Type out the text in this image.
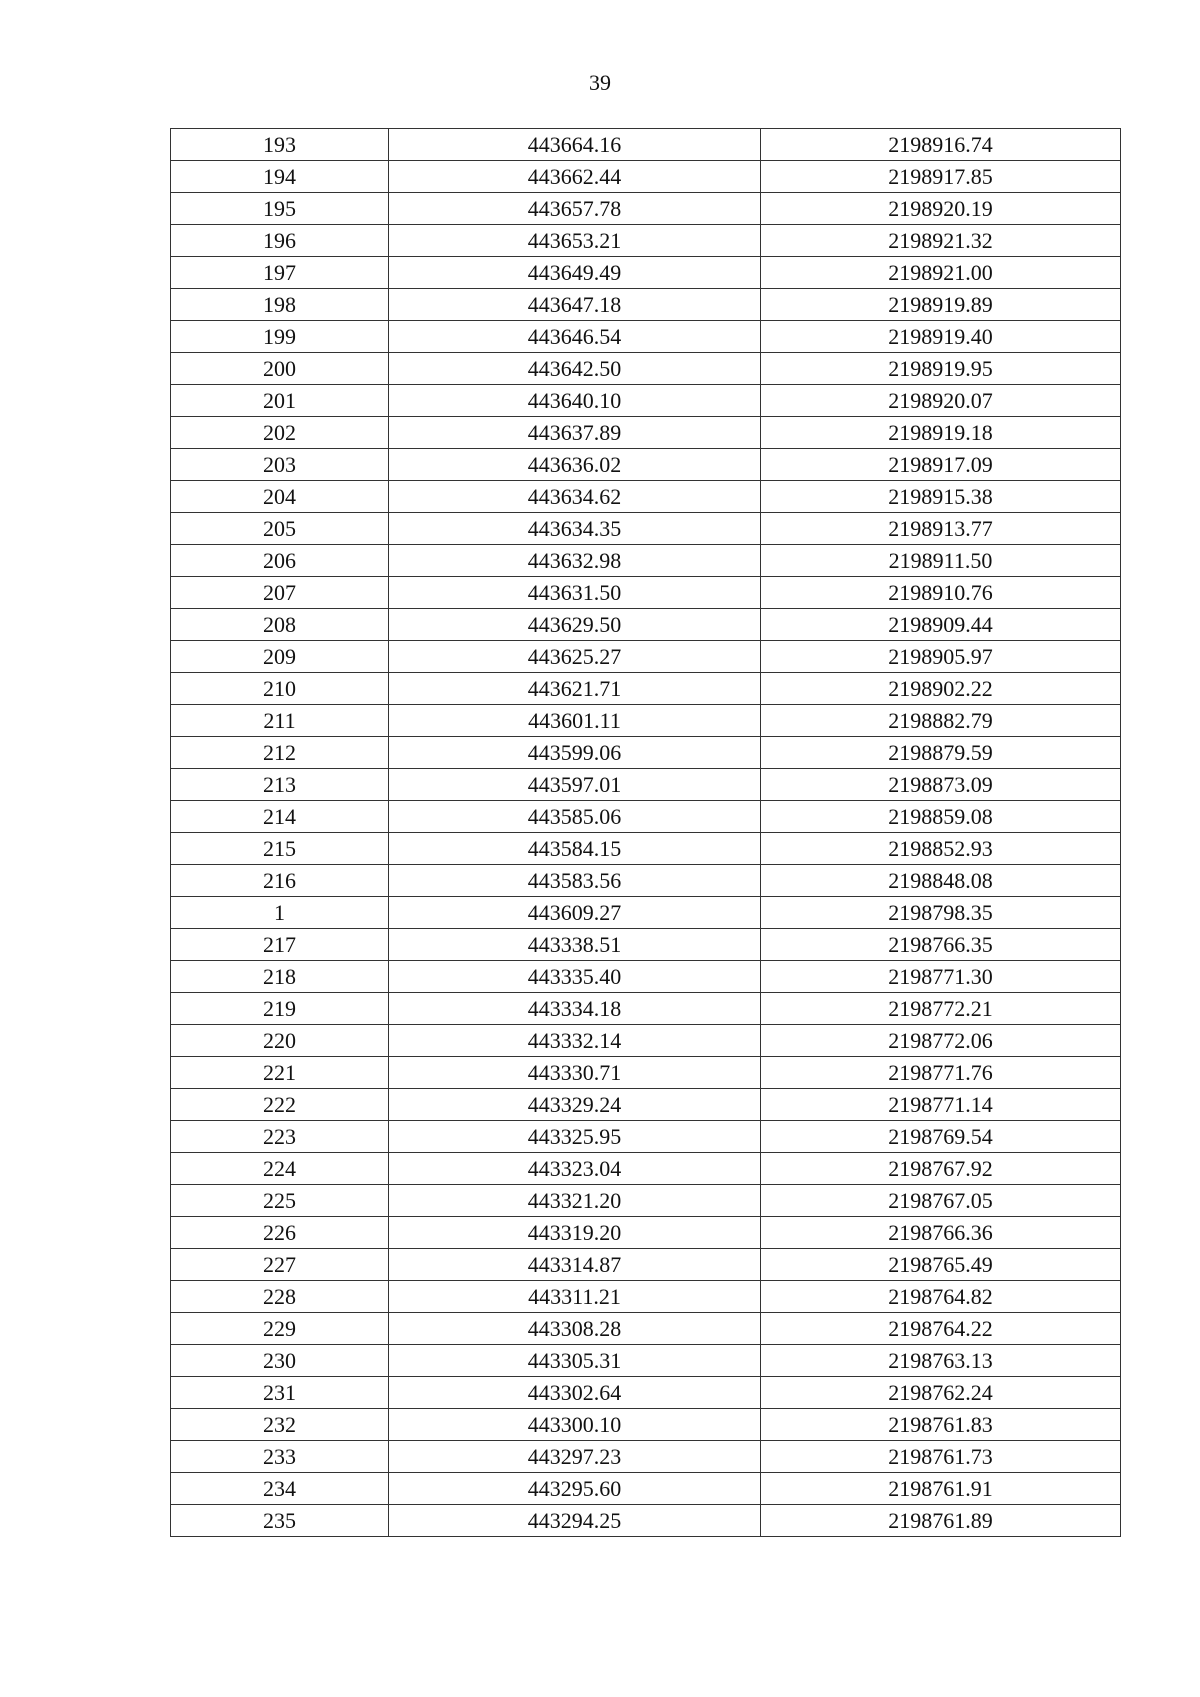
39
193	443664.16	2198916.74
194	443662.44	2198917.85
195	443657.78	2198920.19
196	443653.21	2198921.32
197	443649.49	2198921.00
198	443647.18	2198919.89
199	443646.54	2198919.40
200	443642.50	2198919.95
201	443640.10	2198920.07
202	443637.89	2198919.18
203	443636.02	2198917.09
204	443634.62	2198915.38
205	443634.35	2198913.77
206	443632.98	2198911.50
207	443631.50	2198910.76
208	443629.50	2198909.44
209	443625.27	2198905.97
210	443621.71	2198902.22
211	443601.11	2198882.79
212	443599.06	2198879.59
213	443597.01	2198873.09
214	443585.06	2198859.08
215	443584.15	2198852.93
216	443583.56	2198848.08
1	443609.27	2198798.35
217	443338.51	2198766.35
218	443335.40	2198771.30
219	443334.18	2198772.21
220	443332.14	2198772.06
221	443330.71	2198771.76
222	443329.24	2198771.14
223	443325.95	2198769.54
224	443323.04	2198767.92
225	443321.20	2198767.05
226	443319.20	2198766.36
227	443314.87	2198765.49
228	443311.21	2198764.82
229	443308.28	2198764.22
230	443305.31	2198763.13
231	443302.64	2198762.24
232	443300.10	2198761.83
233	443297.23	2198761.73
234	443295.60	2198761.91
235	443294.25	2198761.89
